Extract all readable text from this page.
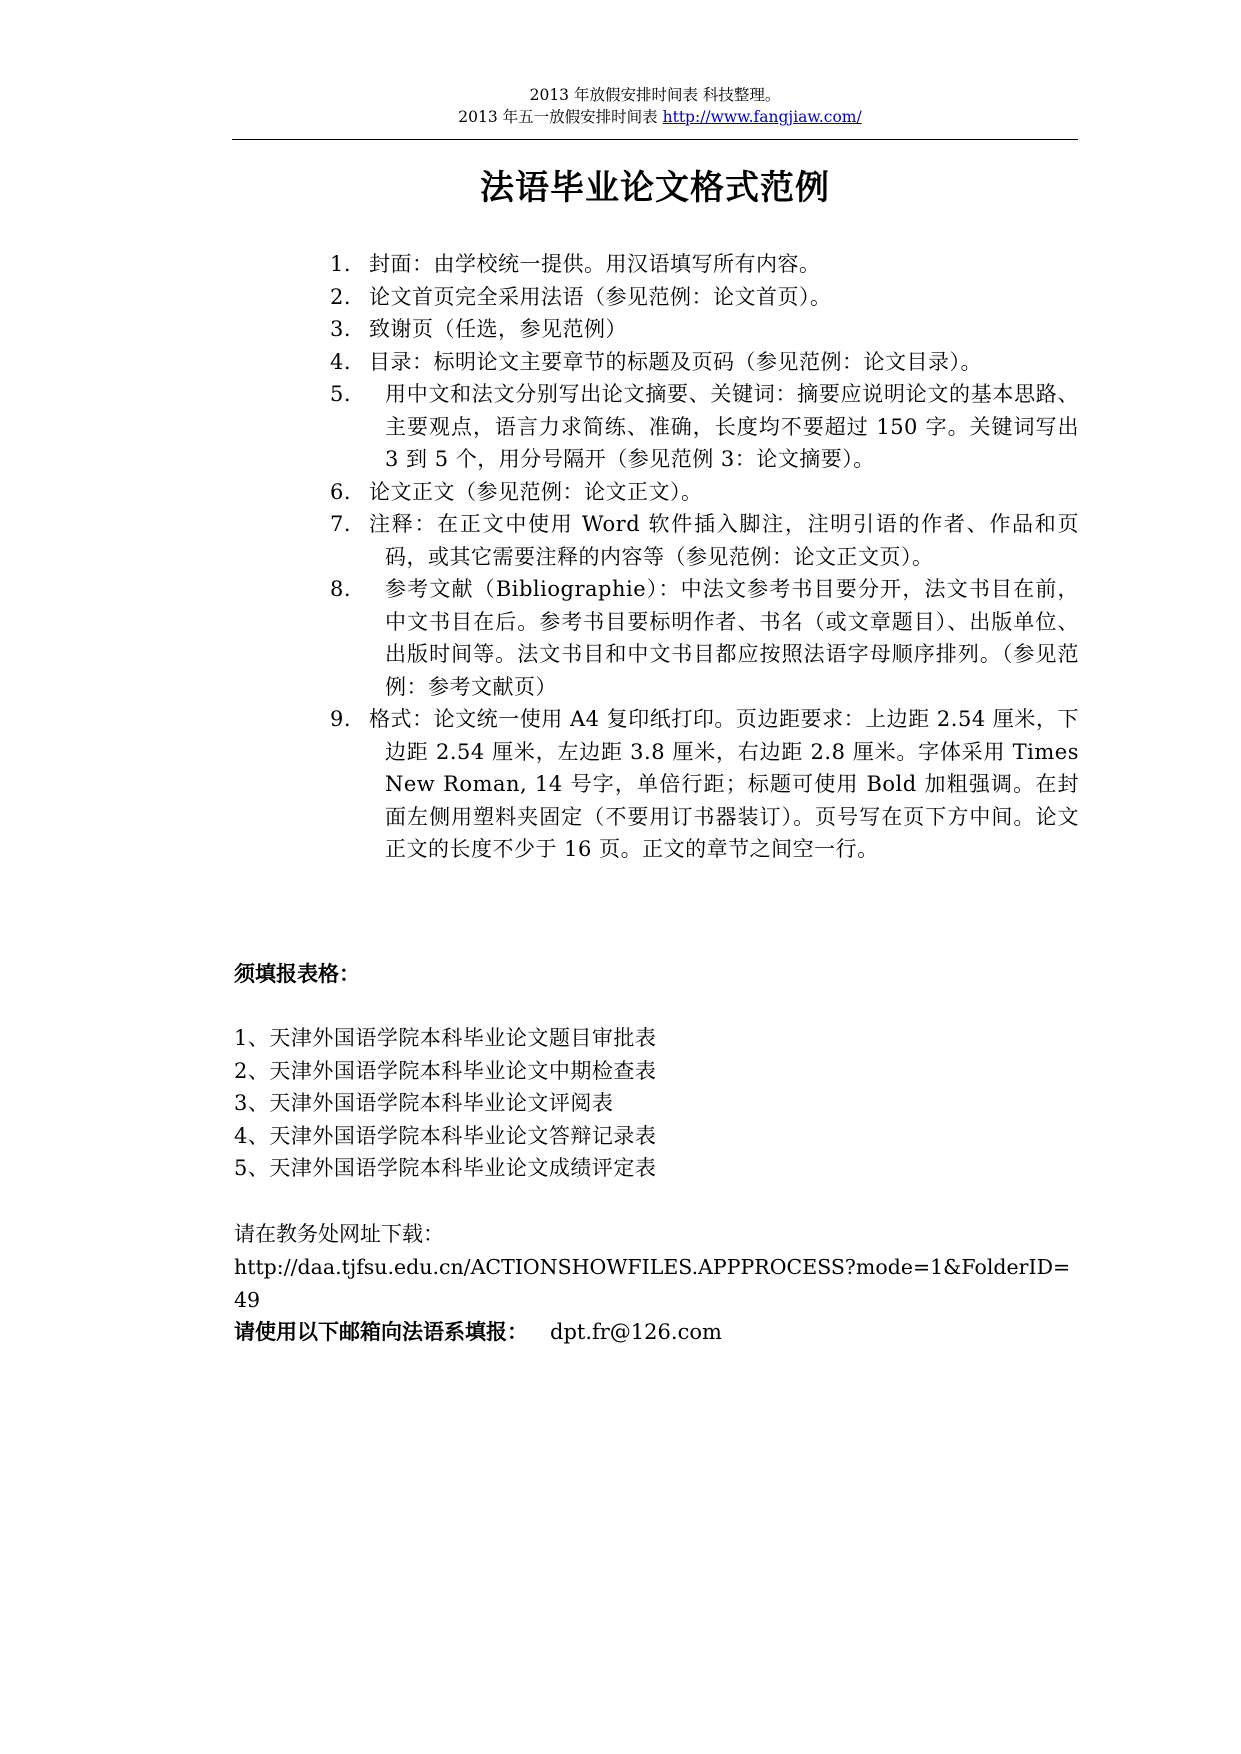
2013 年放假安排时间表 科技整理。
2013 年五一放假安排时间表 http://www.fangjiaw.com/
法语毕业论文格式范例
1. 封面：由学校统一提供。用汉语填写所有内容。
2. 论文首页完全采用法语（参见范例：论文首页）。
3. 致谢页（任选，参见范例）
4. 目录：标明论文主要章节的标题及页码（参见范例：论文目录）。
5. 用中文和法文分别写出论文摘要、关键词：摘要应说明论文的基本思路、主要观点，语言力求简练、准确，长度均不要超过 150 字。关键词写出 3 到 5 个，用分号隔开（参见范例 3：论文摘要）。
6. 论文正文（参见范例：论文正文）。
7. 注释：在正文中使用 Word 软件插入脚注，注明引语的作者、作品和页码，或其它需要注释的内容等（参见范例：论文正文页）。
8. 参考文献（Bibliographie）：中法文参考书目要分开，法文书目在前，中文书目在后。参考书目要标明作者、书名（或文章题目）、出版单位、出版时间等。法文书目和中文书目都应按照法语字母顺序排列。（参见范例：参考文献页）
9. 格式：论文统一使用 A4 复印纸打印。页边距要求：上边距 2.54 厘米，下边距 2.54 厘米，左边距 3.8 厘米，右边距 2.8 厘米。字体采用 Times New Roman, 14 号字，单倍行距；标题可使用 Bold 加粗强调。在封面左侧用塑料夹固定（不要用订书器装订）。页号写在页下方中间。论文正文的长度不少于 16 页。正文的章节之间空一行。
须填报表格：
1、天津外国语学院本科毕业论文题目审批表
2、天津外国语学院本科毕业论文中期检查表
3、天津外国语学院本科毕业论文评阅表
4、天津外国语学院本科毕业论文答辩记录表
5、天津外国语学院本科毕业论文成绩评定表
请在教务处网址下载：
http://daa.tjfsu.edu.cn/ACTIONSHOWFILES.APPPROCESS?mode=1&FolderID=49
请使用以下邮箱向法语系填报： dpt.fr@126.com
